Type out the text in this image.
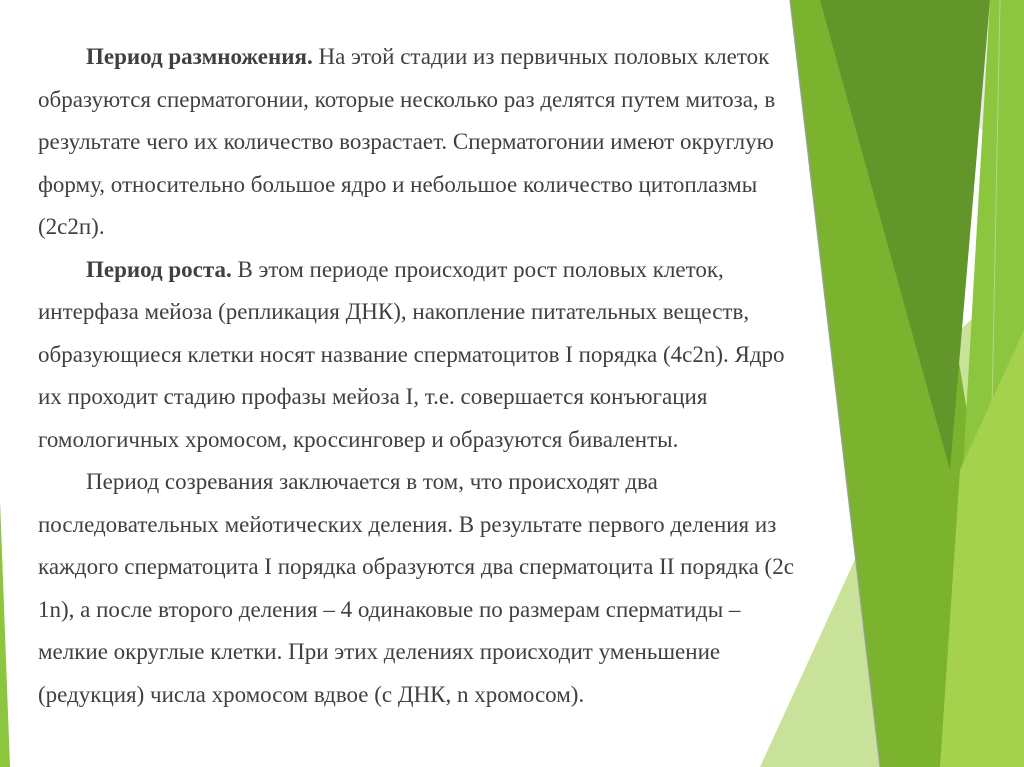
Период размножения. На этой стадии из первичных половых клеток
образуются сперматогонии, которые несколько раз делятся путем митоза, в
результате чего их количество возрастает. Сперматогонии имеют округлую
форму, относительно большое ядро и небольшое количество цитоплазмы
(2с2п).
Период роста. В этом периоде происходит рост половых клеток,
интерфаза мейоза (репликация ДНК), накопление питательных веществ,
образующиеся клетки носят название сперматоцитов I порядка (4c2n). Ядро
их проходит стадию профазы мейоза I, т.е. совершается конъюгация
гомологичных хромосом, кроссинговер и образуются биваленты.
Период созревания заключается в том, что происходят два
последовательных мейотических деления. В результате первого деления из
каждого сперматоцита I порядка образуются два сперматоцита II порядка (2c
1n), а после второго деления – 4 одинаковые по размерам сперматиды –
мелкие округлые клетки. При этих делениях происходит уменьшение
(редукция) числа хромосом вдвое (с ДНК, n хромосом).
